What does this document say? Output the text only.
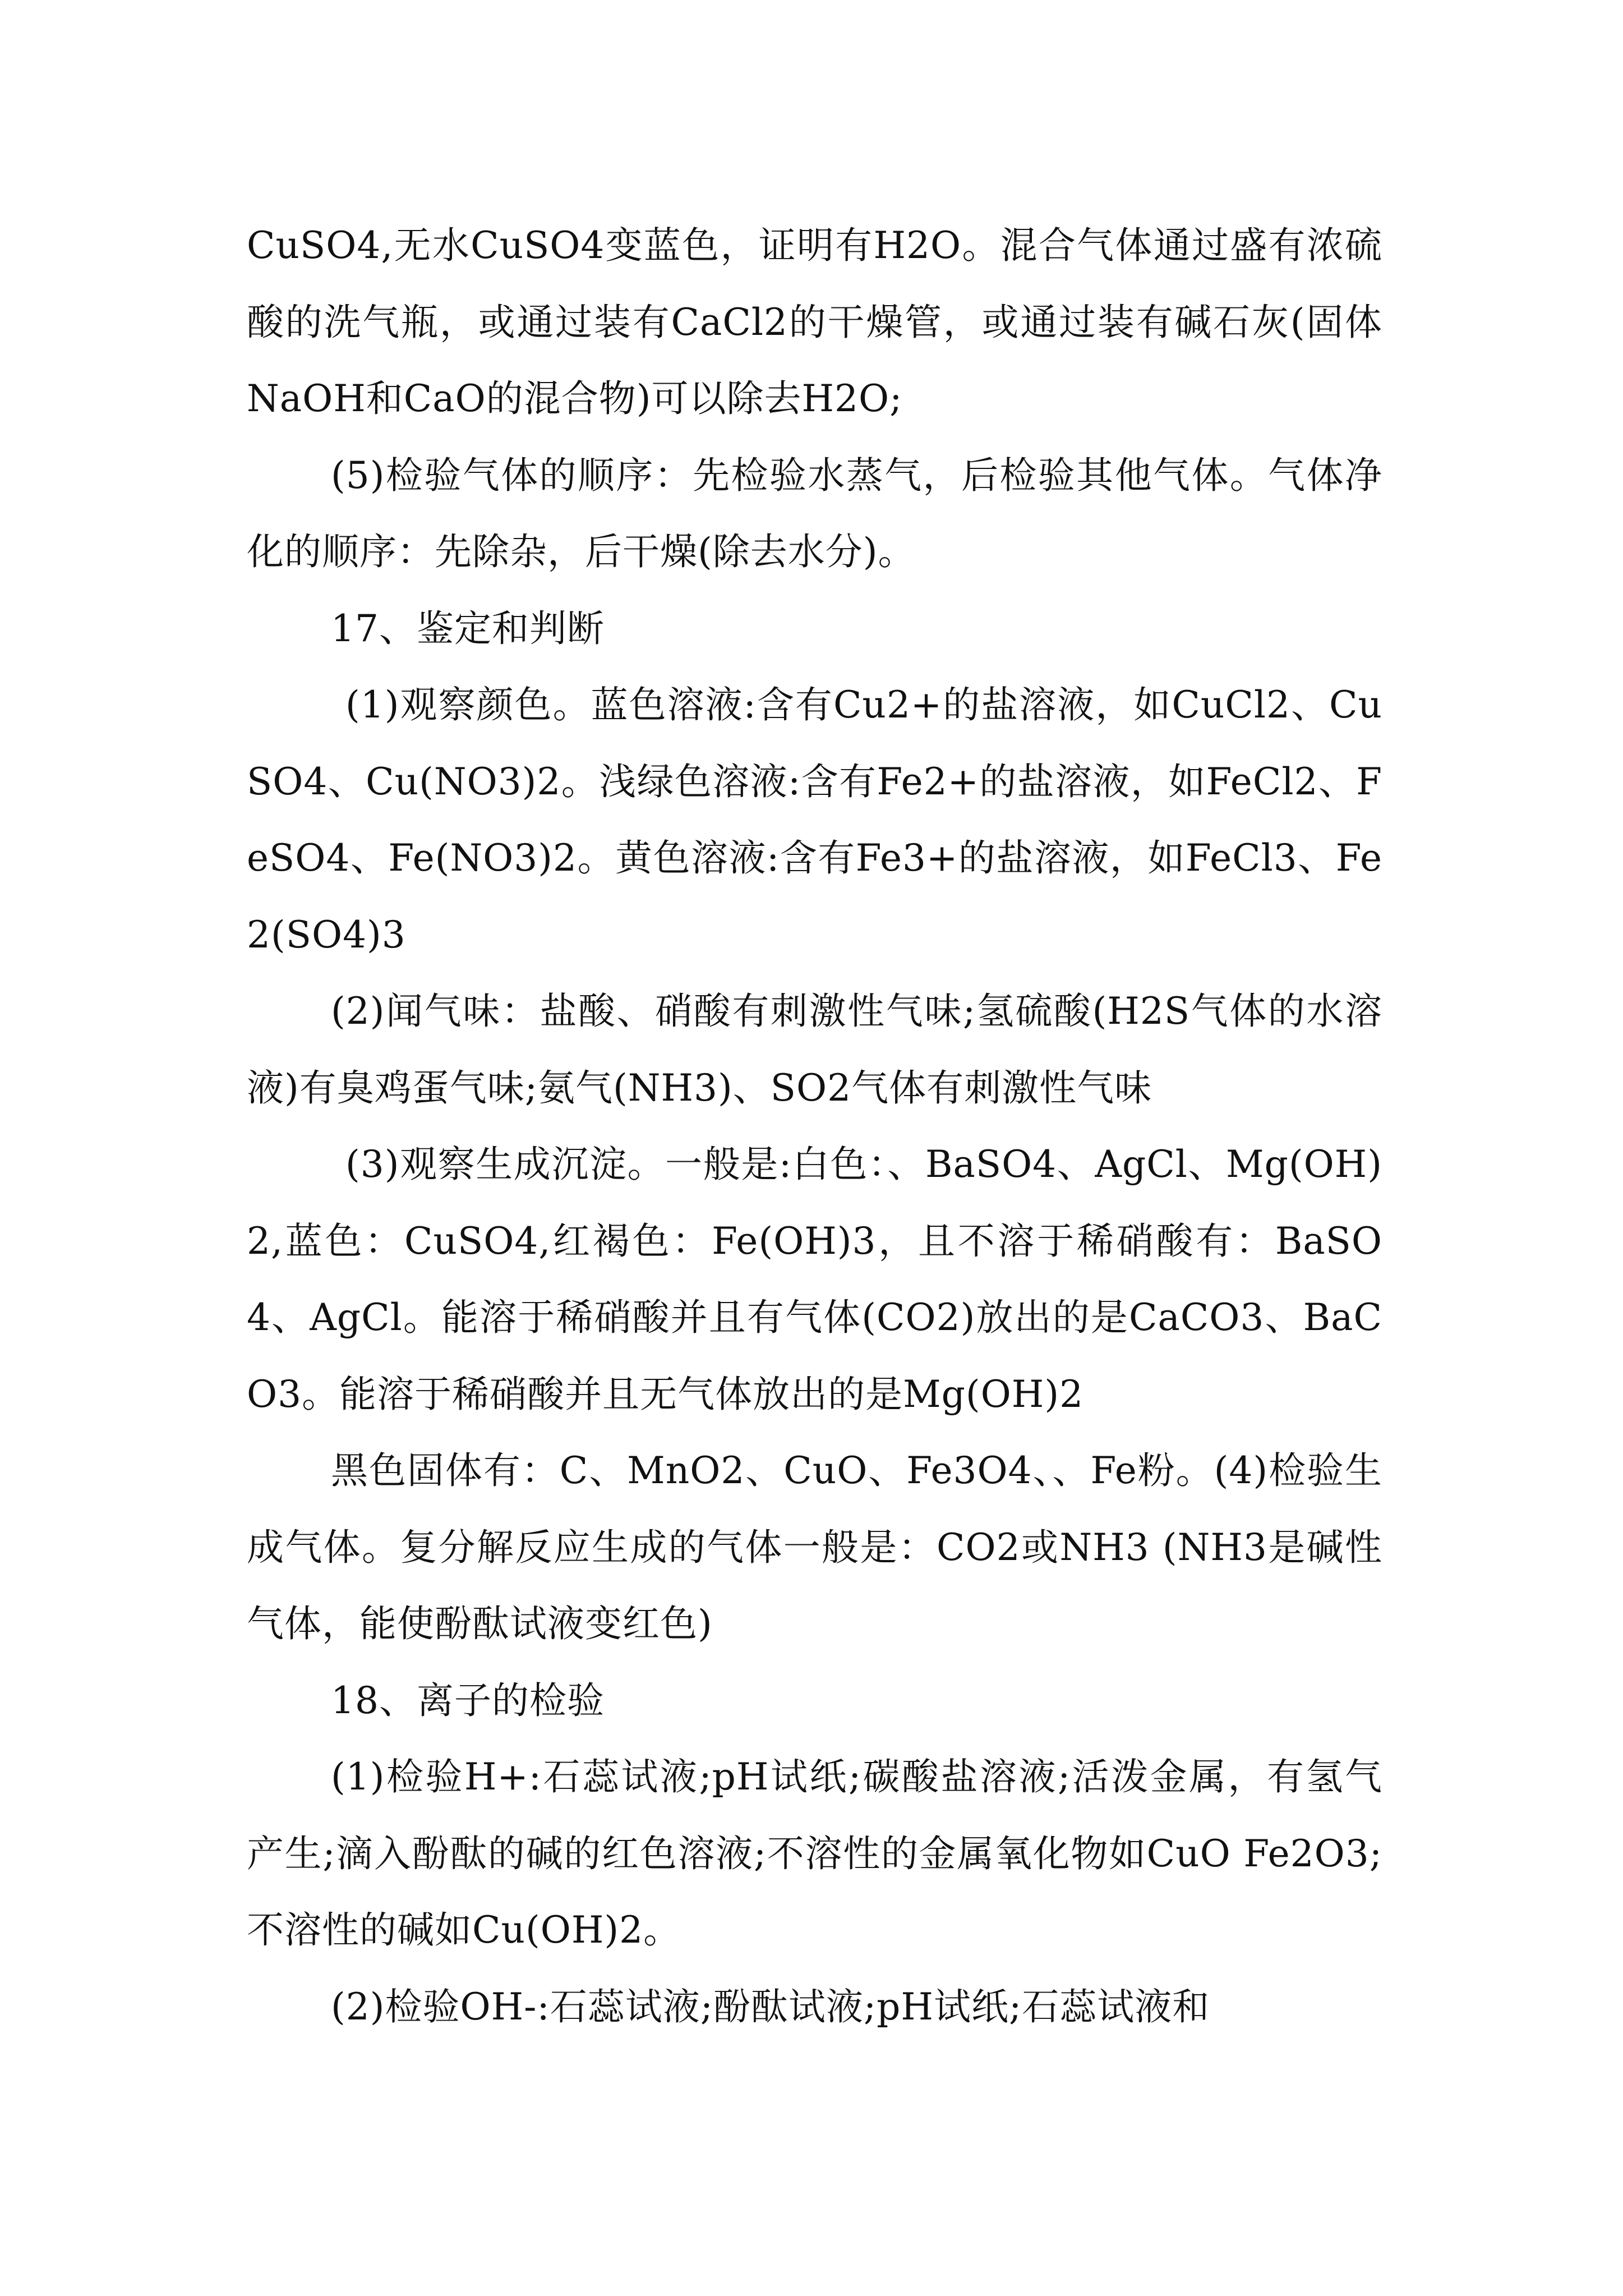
CuSO4,无水CuSO4变蓝色，证明有H2O。混合气体通过盛有浓硫酸的洗气瓶，或通过装有CaCl2的干燥管，或通过装有碱石灰(固体NaOH和CaO的混合物)可以除去H2O;

(5)检验气体的顺序：先检验水蒸气，后检验其他气体。气体净化的顺序：先除杂，后干燥(除去水分)。

17、鉴定和判断

(1)观察颜色。蓝色溶液:含有Cu2+的盐溶液，如CuCl2、CuSO4、Cu(NO3)2。浅绿色溶液:含有Fe2+的盐溶液，如FeCl2、FeSO4、Fe(NO3)2。黄色溶液:含有Fe3+的盐溶液，如FeCl3、Fe2(SO4)3

(2)闻气味：盐酸、硝酸有刺激性气味;氢硫酸(H2S气体的水溶液)有臭鸡蛋气味;氨气(NH3)、SO2气体有刺激性气味

(3)观察生成沉淀。一般是:白色：、BaSO4、AgCl、Mg(OH)2,蓝色：CuSO4,红褐色：Fe(OH)3，且不溶于稀硝酸有：BaSO4、AgCl。能溶于稀硝酸并且有气体(CO2)放出的是CaCO3、BaCO3。能溶于稀硝酸并且无气体放出的是Mg(OH)2

黑色固体有：C、MnO2、CuO、Fe3O4、、Fe粉。(4)检验生成气体。复分解反应生成的气体一般是：CO2或NH3 (NH3是碱性气体，能使酚酞试液变红色)

18、离子的检验

(1)检验H+:石蕊试液;pH试纸;碳酸盐溶液;活泼金属，有氢气产生;滴入酚酞的碱的红色溶液;不溶性的金属氧化物如CuO Fe2O3;不溶性的碱如Cu(OH)2。

(2)检验OH-:石蕊试液;酚酞试液;pH试纸;石蕊试液和
